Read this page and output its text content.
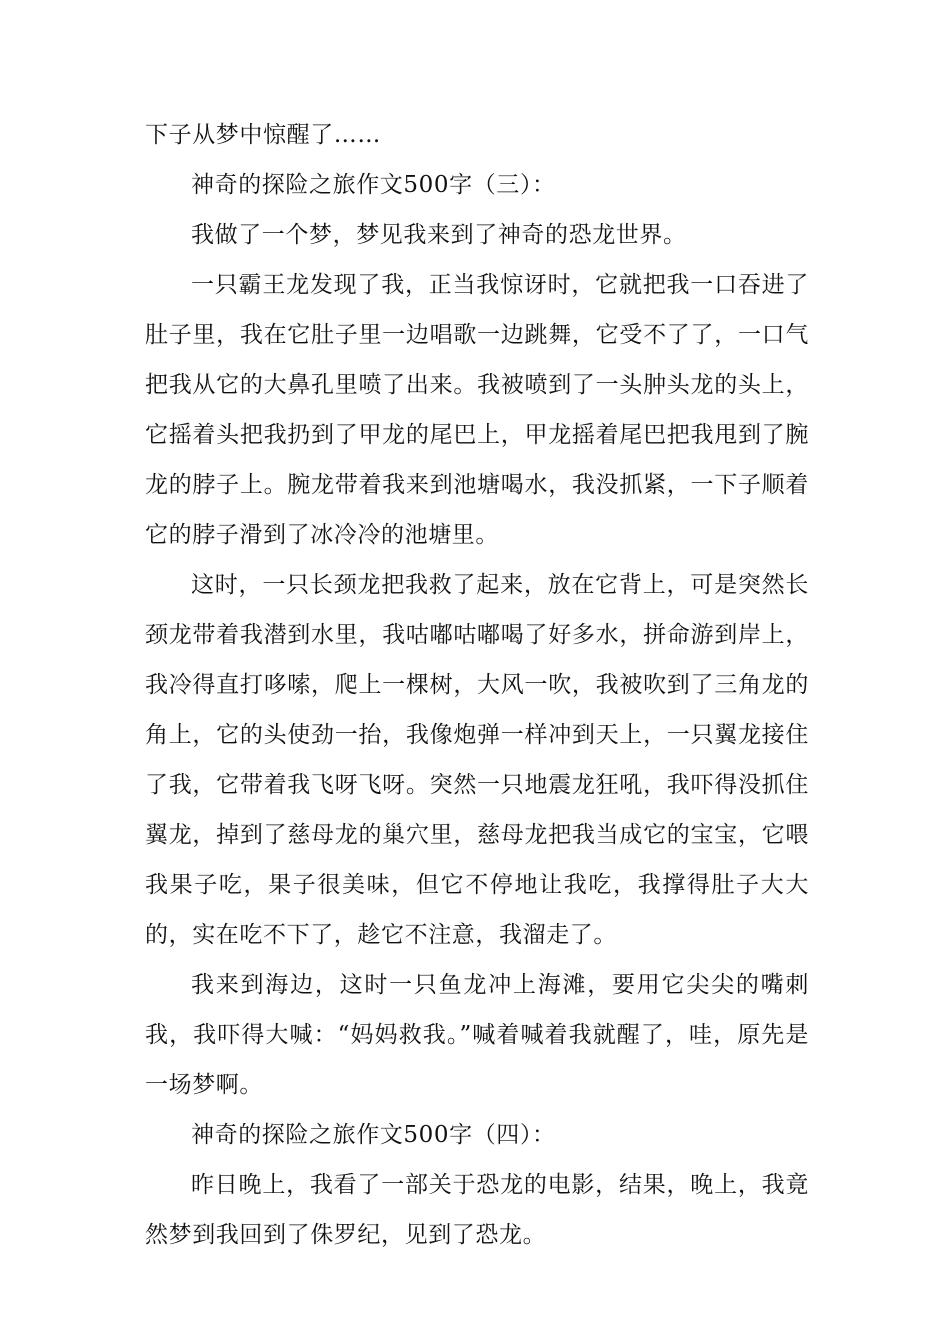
下子从梦中惊醒了……

神奇的探险之旅作文500字（三）：

我做了一个梦，梦见我来到了神奇的恐龙世界。

一只霸王龙发现了我，正当我惊讶时，它就把我一口吞进了肚子里，我在它肚子里一边唱歌一边跳舞，它受不了了，一口气把我从它的大鼻孔里喷了出来。我被喷到了一头肿头龙的头上，它摇着头把我扔到了甲龙的尾巴上，甲龙摇着尾巴把我甩到了腕龙的脖子上。腕龙带着我来到池塘喝水，我没抓紧，一下子顺着它的脖子滑到了冰冷冷的池塘里。

这时，一只长颈龙把我救了起来，放在它背上，可是突然长颈龙带着我潜到水里，我咕嘟咕嘟喝了好多水，拼命游到岸上，我冷得直打哆嗦，爬上一棵树，大风一吹，我被吹到了三角龙的角上，它的头使劲一抬，我像炮弹一样冲到天上，一只翼龙接住了我，它带着我飞呀飞呀。突然一只地震龙狂吼，我吓得没抓住翼龙，掉到了慈母龙的巢穴里，慈母龙把我当成它的宝宝，它喂我果子吃，果子很美味，但它不停地让我吃，我撑得肚子大大的，实在吃不下了，趁它不注意，我溜走了。

我来到海边，这时一只鱼龙冲上海滩，要用它尖尖的嘴刺我，我吓得大喊：“妈妈救我。”喊着喊着我就醒了，哇，原先是一场梦啊。

神奇的探险之旅作文500字（四）：

昨日晚上，我看了一部关于恐龙的电影，结果，晚上，我竟然梦到我回到了侏罗纪，见到了恐龙。
